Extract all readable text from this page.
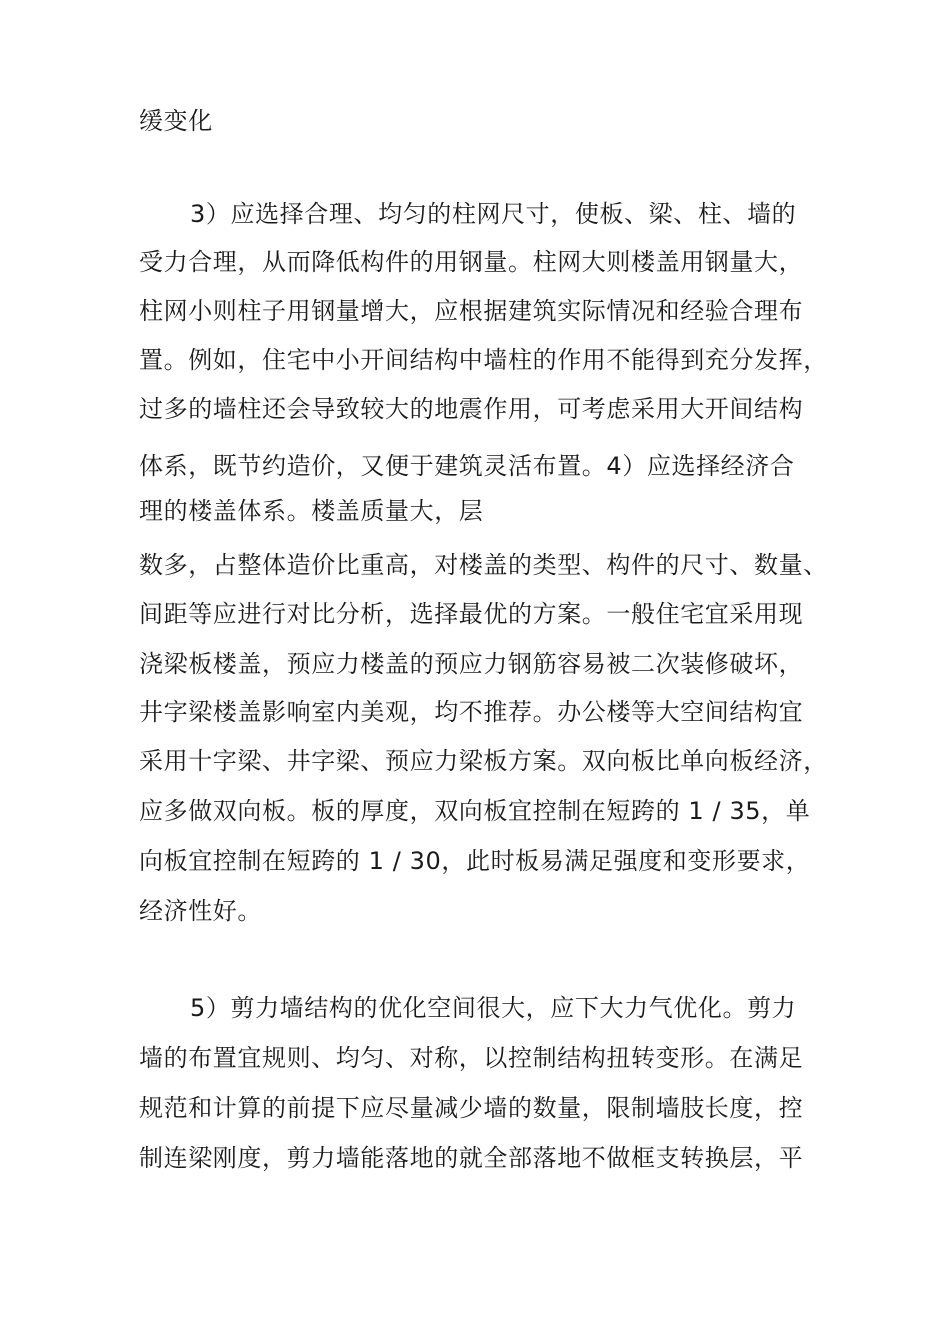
缓变化
3）应选择合理、均匀的柱网尺寸，使板、梁、柱、墙的
受力合理，从而降低构件的用钢量。柱网大则楼盖用钢量大，
柱网小则柱子用钢量增大，应根据建筑实际情况和经验合理布
置。例如，住宅中小开间结构中墙柱的作用不能得到充分发挥，
过多的墙柱还会导致较大的地震作用，可考虑采用大开间结构
体系，既节约造价，又便于建筑灵活布置。4）应选择经济合
理的楼盖体系。楼盖质量大，层
数多，占整体造价比重高，对楼盖的类型、构件的尺寸、数量、
间距等应进行对比分析，选择最优的方案。一般住宅宜采用现
浇梁板楼盖，预应力楼盖的预应力钢筋容易被二次装修破坏，
井字梁楼盖影响室内美观，均不推荐。办公楼等大空间结构宜
采用十字梁、井字梁、预应力梁板方案。双向板比单向板经济，
应多做双向板。板的厚度，双向板宜控制在短跨的 1 / 35，单
向板宜控制在短跨的 1 / 30，此时板易满足强度和变形要求，
经济性好。
5）剪力墙结构的优化空间很大，应下大力气优化。剪力
墙的布置宜规则、均匀、对称，以控制结构扭转变形。在满足
规范和计算的前提下应尽量减少墙的数量，限制墙肢长度，控
制连梁刚度，剪力墙能落地的就全部落地不做框支转换层，平
